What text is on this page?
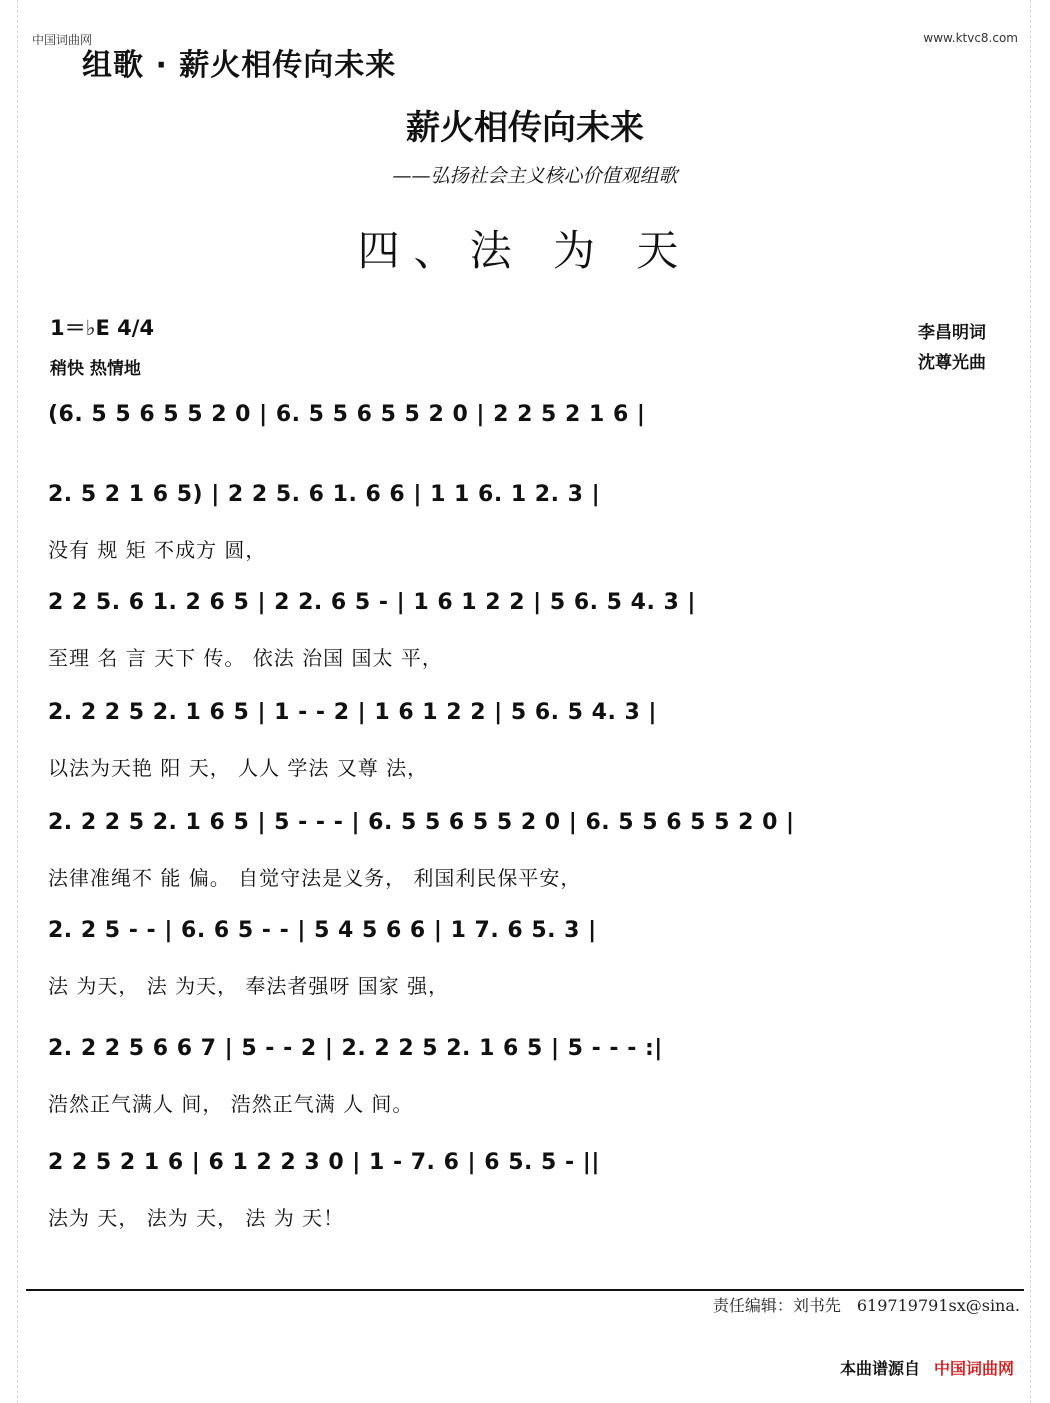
中国词曲网	www.ktvc8.com
组歌 · 薪火相传向未来
薪火相传向未来
——弘扬社会主义核心价值观组歌
四、法 为 天
1＝♭E 4/4
稍快 热情地
李昌明词
沈尊光曲
(6. 5 5 6 5 5 2 0 | 6. 5 5 6 5 5 2 0 | 2 2 5 2 1 6 |
2. 5 2 1 6 5) | 2 2 5. 6 1. 6 6 | 1 1 6. 1 2. 3 |
没有 规 矩 不成方 圆，
2 2 5. 6 1. 2 6 5 | 2 2. 6 5 - | 1 6 1 2 2 | 5 6. 5 4. 3 |
至理 名 言 天下 传。 依法 治国 国太 平，
2. 2 2 5 2. 1 6 5 | 1 - - 2 | 1 6 1 2 2 | 5 6. 5 4. 3 |
以法为天艳 阳 天， 人人 学法 又尊 法，
2. 2 2 5 2. 1 6 5 | 5 - - - | 6. 5 5 6 5 5 2 0 | 6. 5 5 6 5 5 2 0 |
法律准绳不 能 偏。 自觉守法是义务， 利国利民保平安，
2. 2 5 - - | 6. 6 5 - - | 5 4 5 6 6 | 1 7. 6 5. 3 |
法 为天， 法 为天， 奉法者强呀 国家 强，
2. 2 2 5 6 6 7 | 5 - - 2 | 2. 2 2 5 2. 1 6 5 | 5 - - - :|
浩然正气满人 间， 浩然正气满 人 间。
2 2 5 2 1 6 | 6 1 2 2 3 0 | 1 - 7. 6 | 6 5. 5 - ||
法为 天， 法为 天， 法 为 天！
责任编辑：刘书先　619719791sx@sina.
本曲谱源自 中国词曲网
